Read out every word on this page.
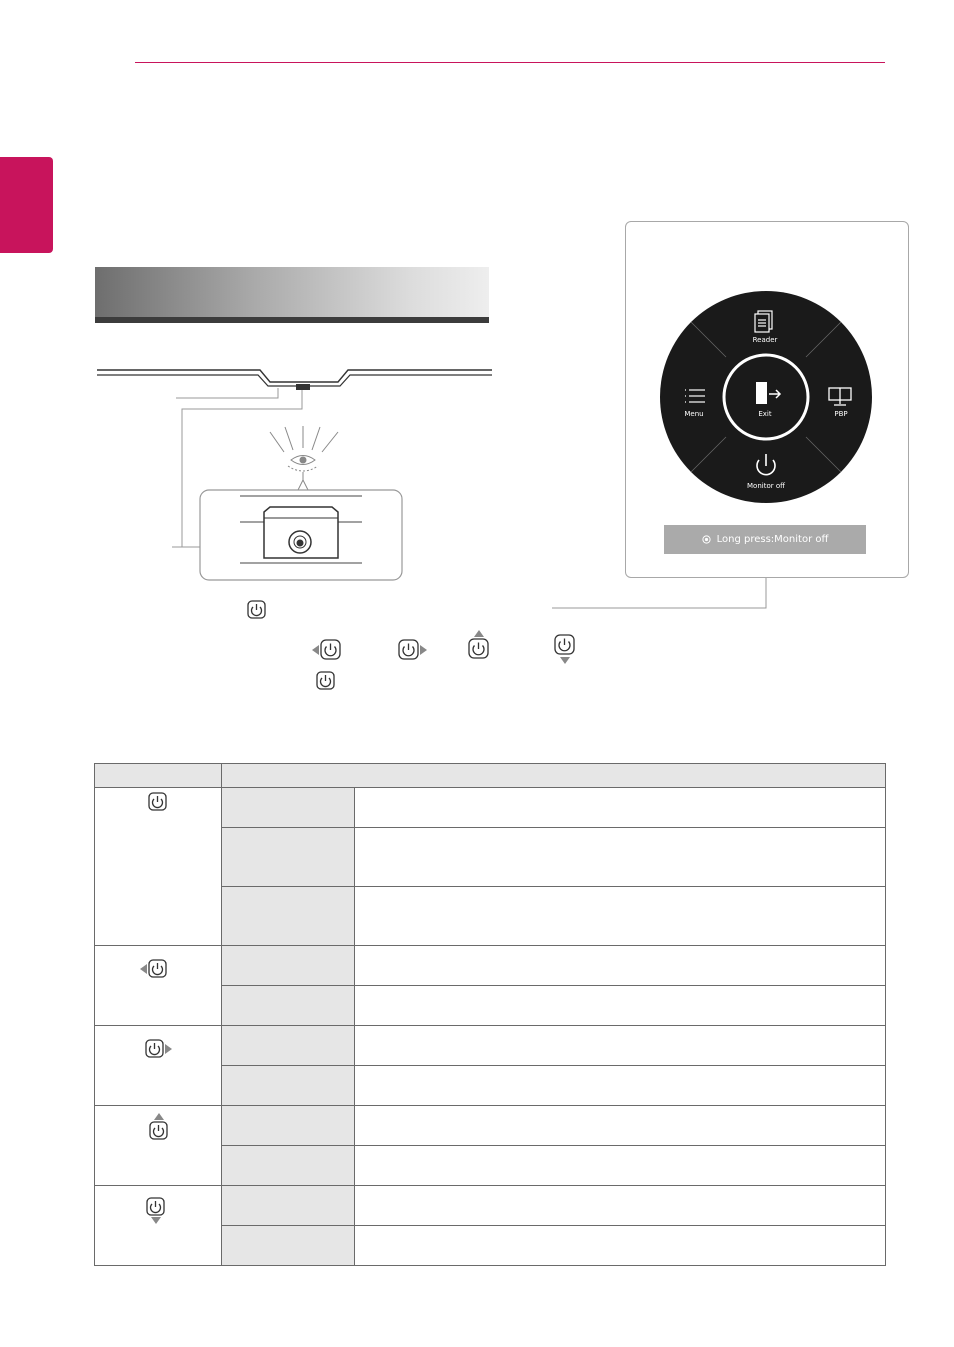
Reader
Menu	Exit	PBP
Monitor off
Long press:Monitor off
